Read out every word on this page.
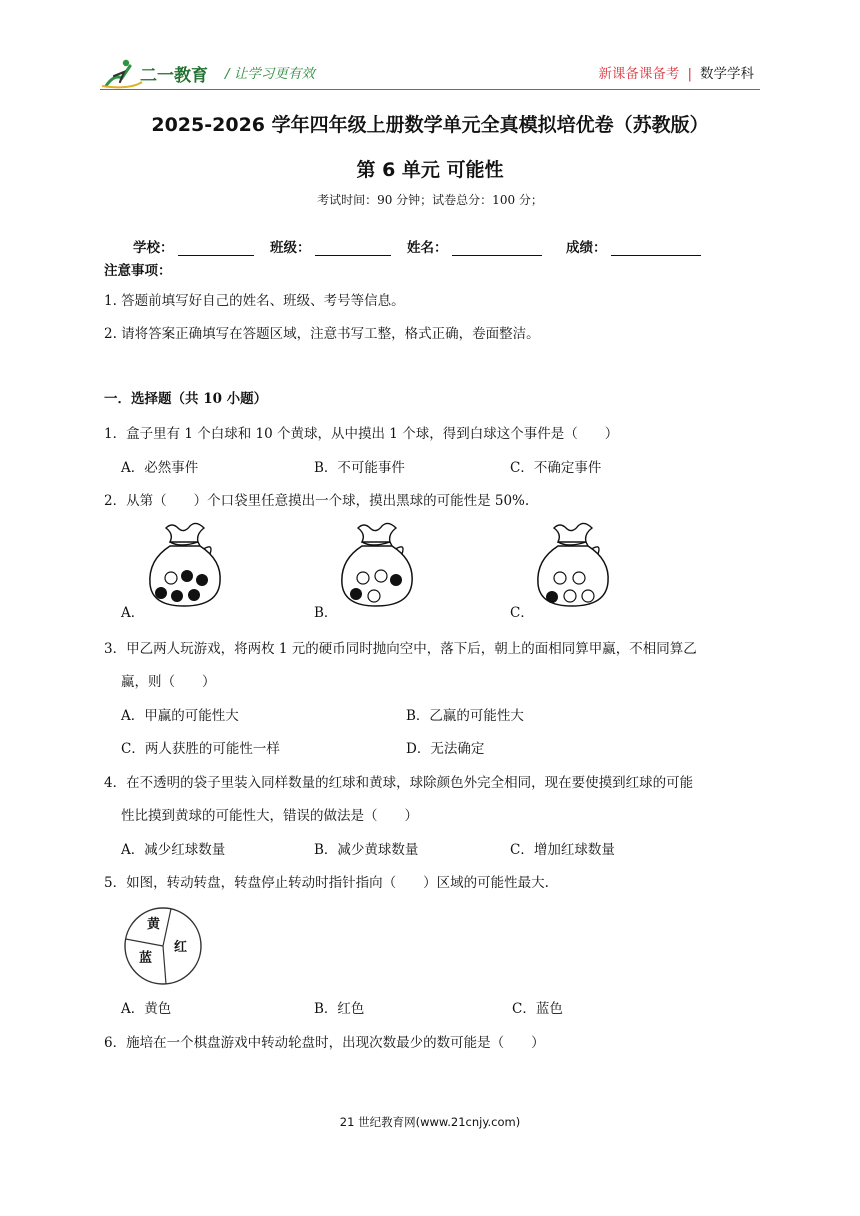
二一教育 / 让学习更有效	新课备课备考 | 数学学科
2025-2026 学年四年级上册数学单元全真模拟培优卷（苏教版）
第 6 单元 可能性
考试时间：90 分钟；试卷总分：100 分；
学校：	班级：	姓名：	成绩：
注意事项：
1. 答题前填写好自己的姓名、班级、考号等信息。
2. 请将答案正确填写在答题区域，注意书写工整，格式正确，卷面整洁。
一．选择题（共 10 小题）
1．盒子里有 1 个白球和 10 个黄球，从中摸出 1 个球，得到白球这个事件是（　　）
A．必然事件	B．不可能事件	C．不确定事件
2．从第（　　）个口袋里任意摸出一个球，摸出黑球的可能性是 50%.
A．	B．	C．
3．甲乙两人玩游戏，将两枚 1 元的硬币同时抛向空中，落下后，朝上的面相同算甲赢，不相同算乙
赢，则（　　）
A．甲赢的可能性大	B．乙赢的可能性大
C．两人获胜的可能性一样	D．无法确定
4．在不透明的袋子里装入同样数量的红球和黄球，球除颜色外完全相同，现在要使摸到红球的可能
性比摸到黄球的可能性大，错误的做法是（　　）
A．减少红球数量	B．减少黄球数量	C．增加红球数量
5．如图，转动转盘，转盘停止转动时指针指向（　　）区域的可能性最大.
黄
红
蓝
A．黄色	B．红色	C．蓝色
6．施培在一个棋盘游戏中转动轮盘时，出现次数最少的数可能是（　　）
21 世纪教育网(www.21cnjy.com)
